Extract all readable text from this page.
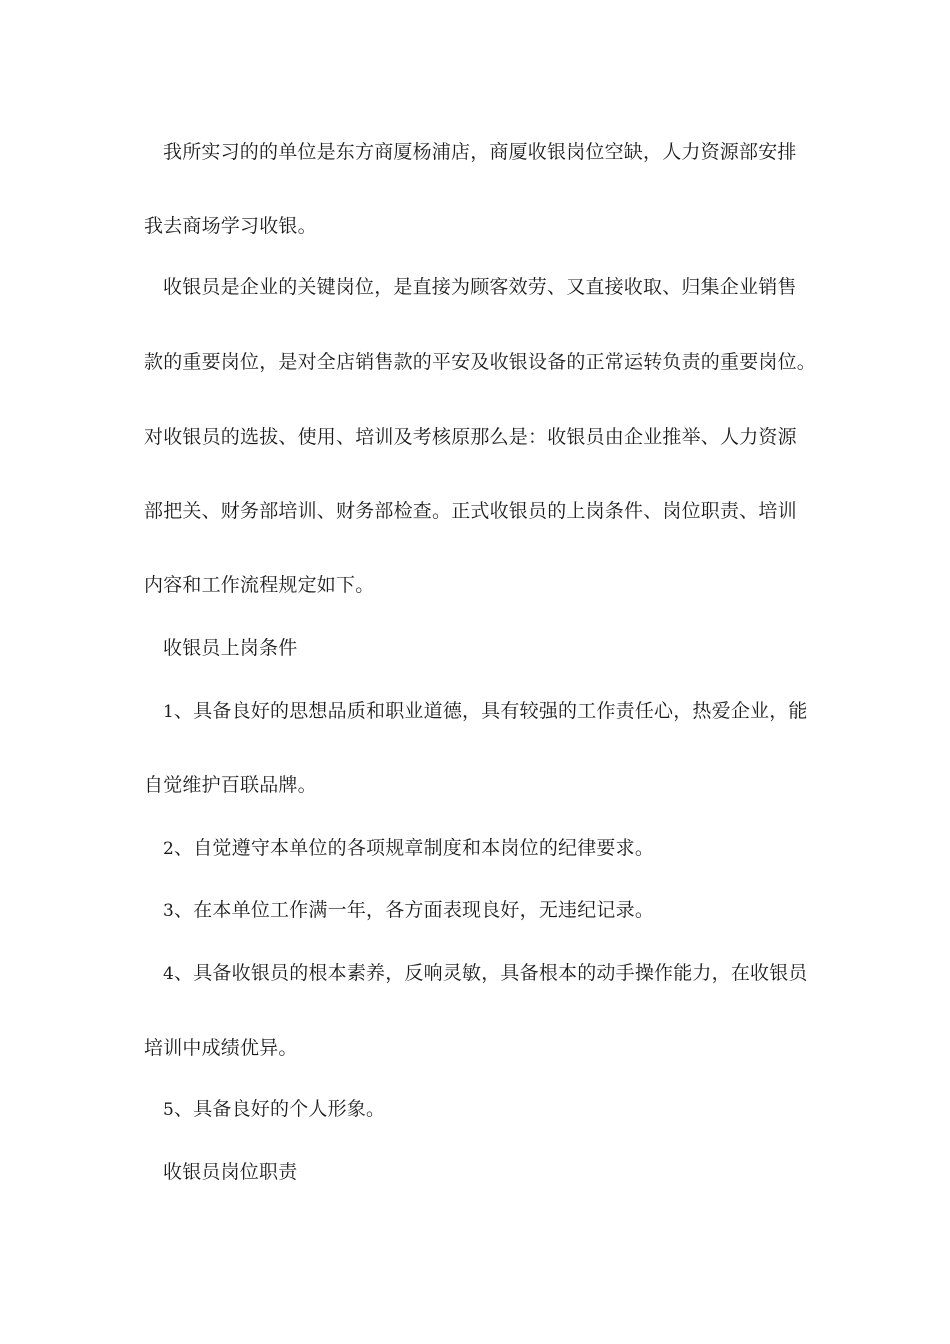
我所实习的的单位是东方商厦杨浦店，商厦收银岗位空缺，人力资源部安排
我去商场学习收银。
收银员是企业的关键岗位，是直接为顾客效劳、又直接收取、归集企业销售
款的重要岗位，是对全店销售款的平安及收银设备的正常运转负责的重要岗位。
对收银员的选拔、使用、培训及考核原那么是：收银员由企业推举、人力资源
部把关、财务部培训、财务部检查。正式收银员的上岗条件、岗位职责、培训
内容和工作流程规定如下。
收银员上岗条件
1、具备良好的思想品质和职业道德，具有较强的工作责任心，热爱企业，能
自觉维护百联品牌。
2、自觉遵守本单位的各项规章制度和本岗位的纪律要求。
3、在本单位工作满一年，各方面表现良好，无违纪记录。
4、具备收银员的根本素养，反响灵敏，具备根本的动手操作能力，在收银员
培训中成绩优异。
5、具备良好的个人形象。
收银员岗位职责
